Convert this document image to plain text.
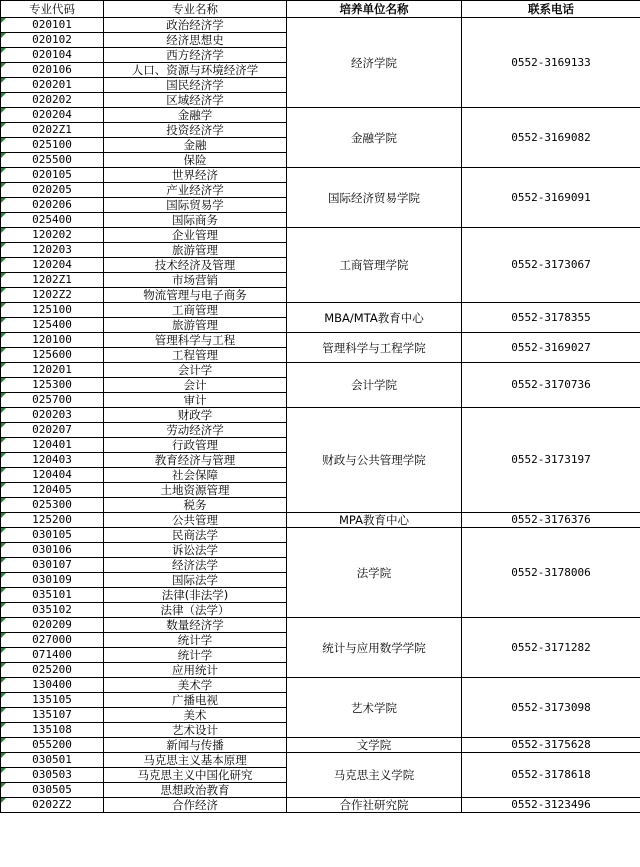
专业代码	专业名称	培养单位名称	联系电话
020101	政治经济学	经济学院	0552-3169133
020102	经济思想史		
020104	西方经济学		
020106	人口、资源与环境经济学		
020201	国民经济学		
020202	区域经济学		
020204	金融学	金融学院	0552-3169082
0202Z1	投资经济学		
025100	金融		
025500	保险		
020105	世界经济	国际经济贸易学院	0552-3169091
020205	产业经济学		
020206	国际贸易学		
025400	国际商务		
120202	企业管理	工商管理学院	0552-3173067
120203	旅游管理		
120204	技术经济及管理		
1202Z1	市场营销		
1202Z2	物流管理与电子商务		
125100	工商管理	MBA/MTA教育中心	0552-3178355
125400	旅游管理		
120100	管理科学与工程	管理科学与工程学院	0552-3169027
125600	工程管理		
120201	会计学	会计学院	0552-3170736
125300	会计		
025700	审计		
020203	财政学	财政与公共管理学院	0552-3173197
020207	劳动经济学		
120401	行政管理		
120403	教育经济与管理		
120404	社会保障		
120405	土地资源管理		
025300	税务		
125200	公共管理	MPA教育中心	0552-3176376
030105	民商法学	法学院	0552-3178006
030106	诉讼法学		
030107	经济法学		
030109	国际法学		
035101	法律(非法学)		
035102	法律（法学）		
020209	数量经济学	统计与应用数学学院	0552-3171282
027000	统计学		
071400	统计学		
025200	应用统计		
130400	美术学	艺术学院	0552-3173098
135105	广播电视		
135107	美术		
135108	艺术设计		
055200	新闻与传播	文学院	0552-3175628
030501	马克思主义基本原理	马克思主义学院	0552-3178618
030503	马克思主义中国化研究		
030505	思想政治教育		
0202Z2	合作经济	合作社研究院	0552-3123496
